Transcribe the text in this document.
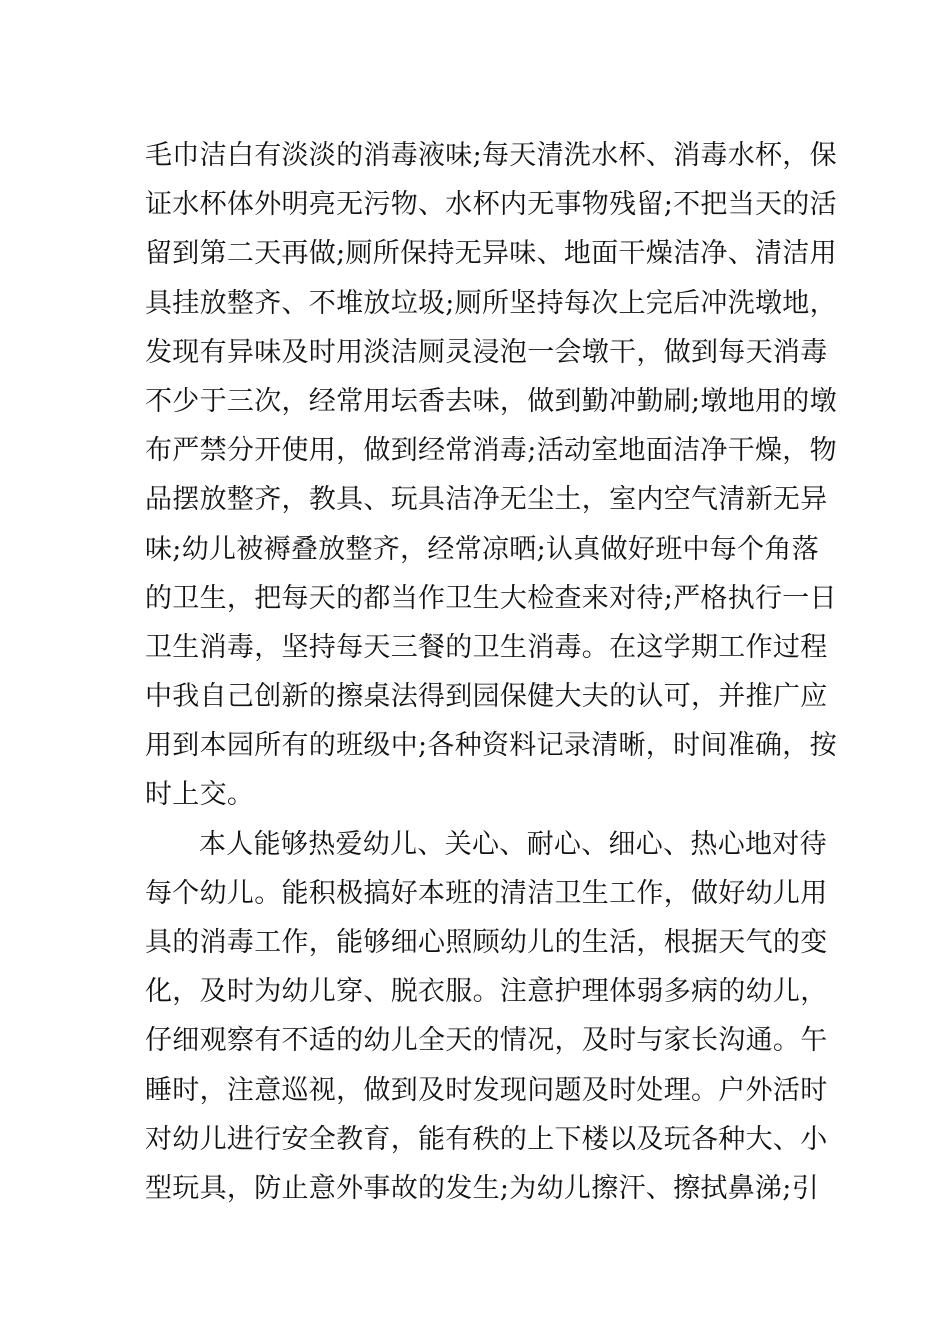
毛巾洁白有淡淡的消毒液味;每天清洗水杯、消毒水杯，保
证水杯体外明亮无污物、水杯内无事物残留;不把当天的活
留到第二天再做;厕所保持无异味、地面干燥洁净、清洁用
具挂放整齐、不堆放垃圾;厕所坚持每次上完后冲洗墩地，
发现有异味及时用淡洁厕灵浸泡一会墩干，做到每天消毒
不少于三次，经常用坛香去味，做到勤冲勤刷;墩地用的墩
布严禁分开使用，做到经常消毒;活动室地面洁净干燥，物
品摆放整齐，教具、玩具洁净无尘土，室内空气清新无异
味;幼儿被褥叠放整齐，经常凉晒;认真做好班中每个角落
的卫生，把每天的都当作卫生大检查来对待;严格执行一日
卫生消毒，坚持每天三餐的卫生消毒。在这学期工作过程
中我自己创新的擦桌法得到园保健大夫的认可，并推广应
用到本园所有的班级中;各种资料记录清晰，时间准确，按
时上交。
本人能够热爱幼儿、关心、耐心、细心、热心地对待
每个幼儿。能积极搞好本班的清洁卫生工作，做好幼儿用
具的消毒工作，能够细心照顾幼儿的生活，根据天气的变
化，及时为幼儿穿、脱衣服。注意护理体弱多病的幼儿，
仔细观察有不适的幼儿全天的情况，及时与家长沟通。午
睡时，注意巡视，做到及时发现问题及时处理。户外活时
对幼儿进行安全教育，能有秩的上下楼以及玩各种大、小
型玩具，防止意外事故的发生;为幼儿擦汗、擦拭鼻涕;引
